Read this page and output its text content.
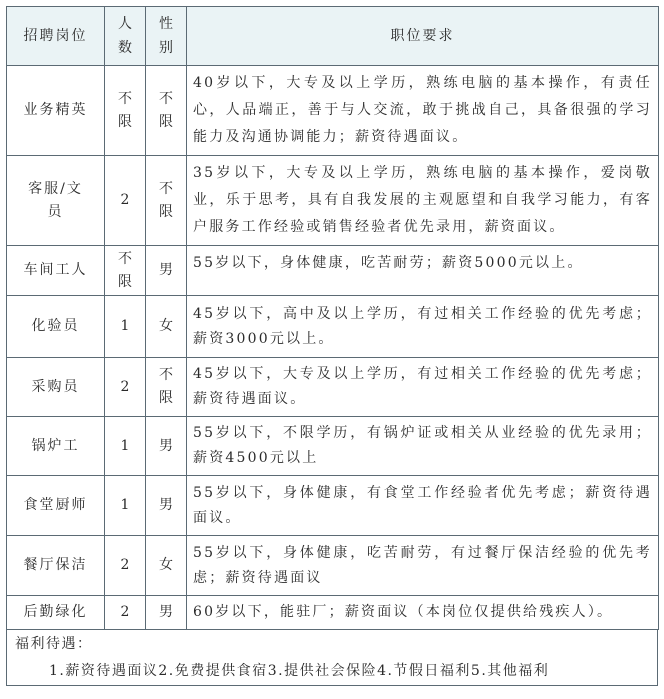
招聘岗位	人数	性别	职位要求
业务精英	不限	不限	40岁以下，大专及以上学历，熟练电脑的基本操作，有责任心，人品端正，善于与人交流，敢于挑战自己，具备很强的学习能力及沟通协调能力；薪资待遇面议。
客服/文员	2	不限	35岁以下，大专及以上学历，熟练电脑的基本操作，爱岗敬业，乐于思考，具有自我发展的主观愿望和自我学习能力，有客户服务工作经验或销售经验者优先录用，薪资面议。
车间工人	不限	男	55岁以下，身体健康，吃苦耐劳；薪资5000元以上。
化验员	1	女	45岁以下，高中及以上学历，有过相关工作经验的优先考虑；薪资3000元以上。
采购员	2	不限	45岁以下，大专及以上学历，有过相关工作经验的优先考虑；薪资待遇面议。
锅炉工	1	男	55岁以下，不限学历，有锅炉证或相关从业经验的优先录用；薪资4500元以上
食堂厨师	1	男	55岁以下，身体健康，有食堂工作经验者优先考虑；薪资待遇面议。
餐厅保洁	2	女	55岁以下，身体健康，吃苦耐劳，有过餐厅保洁经验的优先考虑；薪资待遇面议
后勤绿化	2	男	60岁以下，能驻厂；薪资面议（本岗位仅提供给残疾人）。
福利待遇：
1.薪资待遇面议2.免费提供食宿3.提供社会保险4.节假日福利5.其他福利
